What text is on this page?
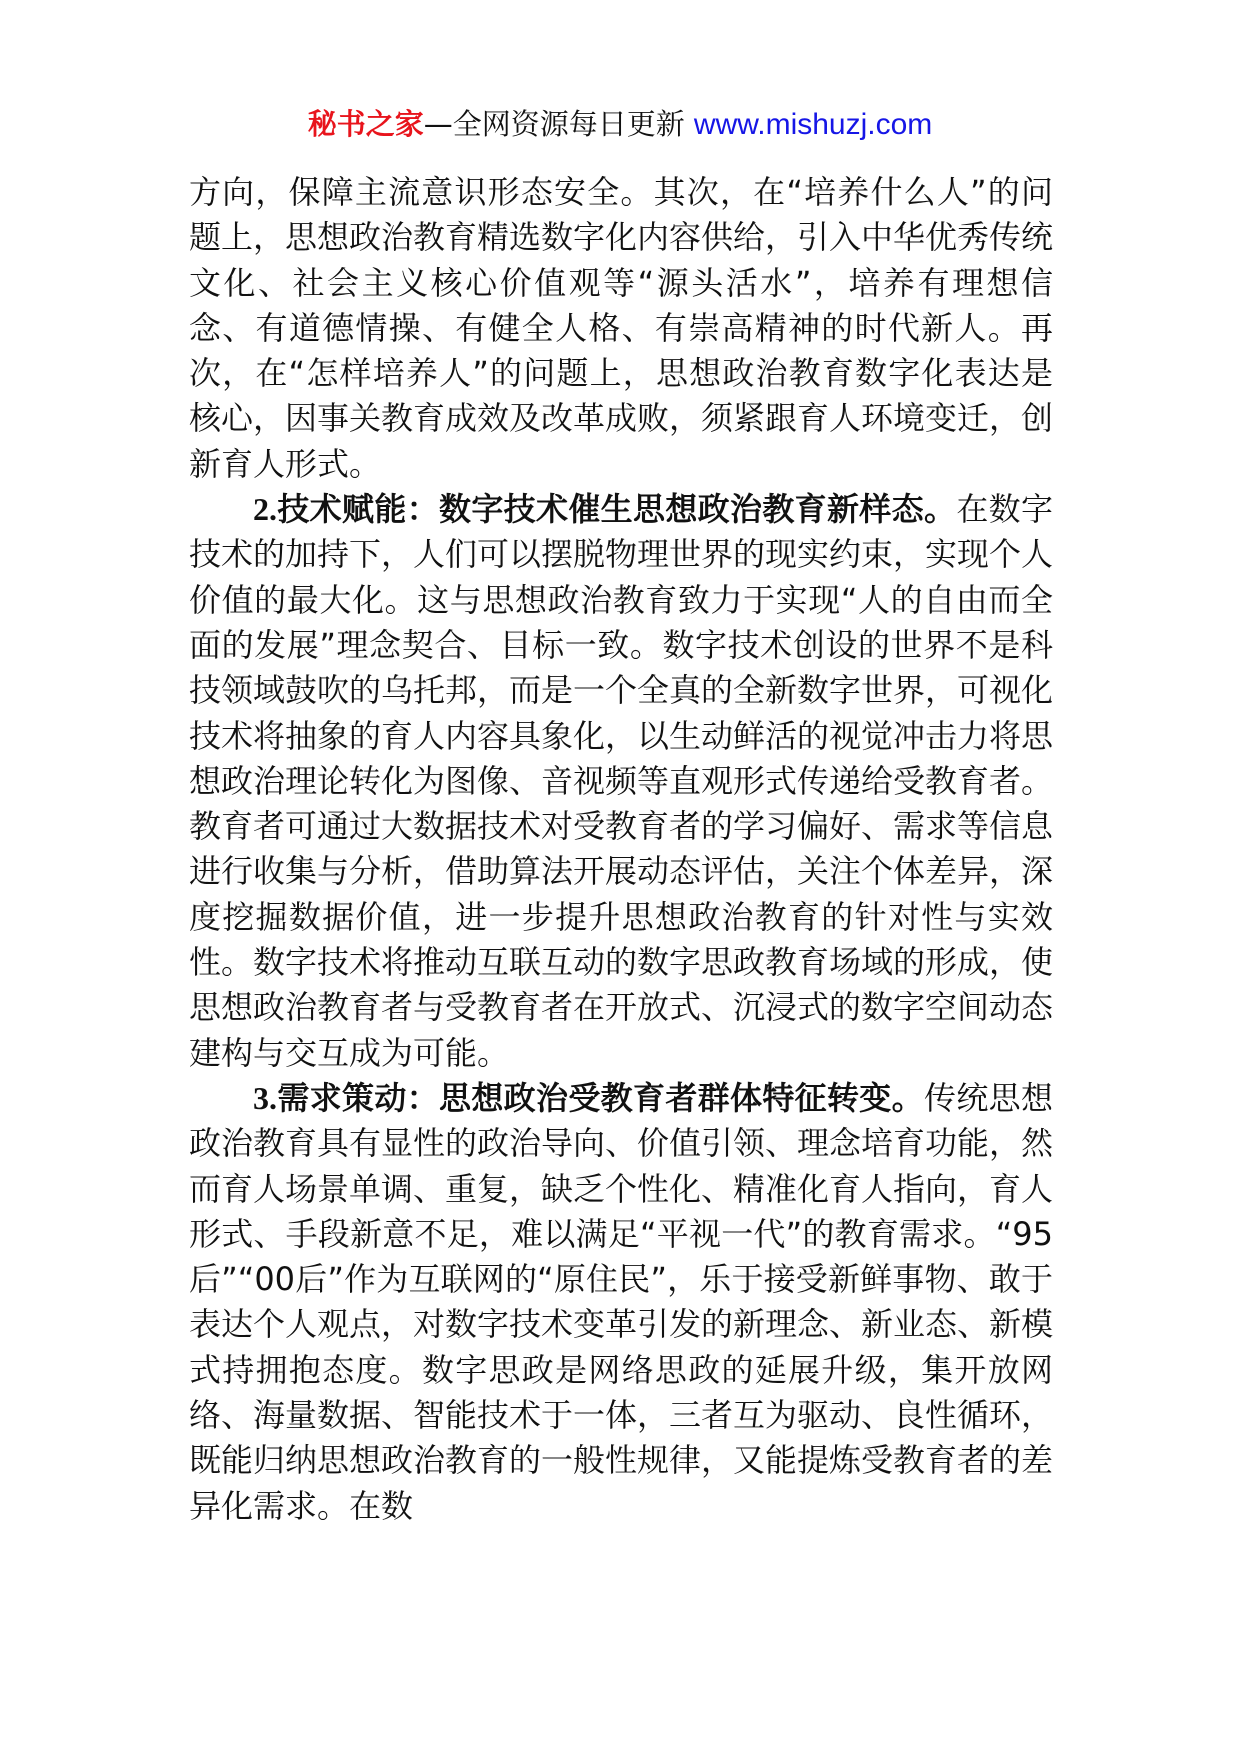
秘书之家—全网资源每日更新 www.mishuzj.com

方向，保障主流意识形态安全。其次，在“培养什么人”的问题上，思想政治教育精选数字化内容供给，引入中华优秀传统文化、社会主义核心价值观等“源头活水”，培养有理想信念、有道德情操、有健全人格、有崇高精神的时代新人。再次，在“怎样培养人”的问题上，思想政治教育数字化表达是核心，因事关教育成效及改革成败，须紧跟育人环境变迁，创新育人形式。

2.技术赋能：数字技术催生思想政治教育新样态。在数字技术的加持下，人们可以摆脱物理世界的现实约束，实现个人价值的最大化。这与思想政治教育致力于实现“人的自由而全面的发展”理念契合、目标一致。数字技术创设的世界不是科技领域鼓吹的乌托邦，而是一个全真的全新数字世界，可视化技术将抽象的育人内容具象化，以生动鲜活的视觉冲击力将思想政治理论转化为图像、音视频等直观形式传递给受教育者。教育者可通过大数据技术对受教育者的学习偏好、需求等信息进行收集与分析，借助算法开展动态评估，关注个体差异，深度挖掘数据价值，进一步提升思想政治教育的针对性与实效性。数字技术将推动互联互动的数字思政教育场域的形成，使思想政治教育者与受教育者在开放式、沉浸式的数字空间动态建构与交互成为可能。

3.需求策动：思想政治受教育者群体特征转变。传统思想政治教育具有显性的政治导向、价值引领、理念培育功能，然而育人场景单调、重复，缺乏个性化、精准化育人指向，育人形式、手段新意不足，难以满足“平视一代”的教育需求。“95后”“00后”作为互联网的“原住民”，乐于接受新鲜事物、敢于表达个人观点，对数字技术变革引发的新理念、新业态、新模式持拥抱态度。数字思政是网络思政的延展升级，集开放网络、海量数据、智能技术于一体，三者互为驱动、良性循环，既能归纳思想政治教育的一般性规律，又能提炼受教育者的差异化需求。在数
